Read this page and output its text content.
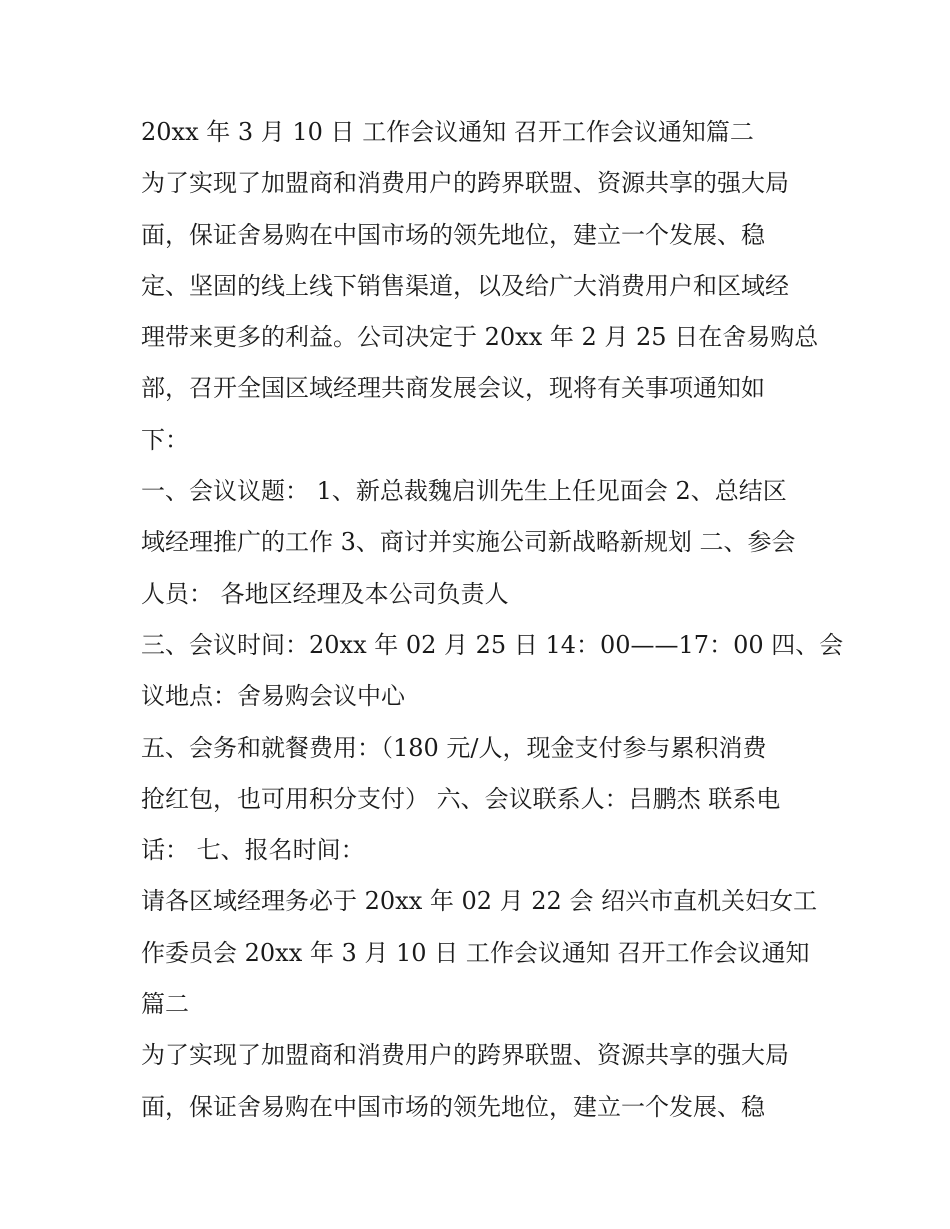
20xx 年 3 月 10 日 工作会议通知 召开工作会议通知篇二
为了实现了加盟商和消费用户的跨界联盟、资源共享的强大局
面，保证舍易购在中国市场的领先地位，建立一个发展、稳
定、坚固的线上线下销售渠道，以及给广大消费用户和区域经
理带来更多的利益。公司决定于 20xx 年 2 月 25 日在舍易购总
部，召开全国区域经理共商发展会议，现将有关事项通知如
下：
一、会议议题： 1、新总裁魏启训先生上任见面会 2、总结区
域经理推广的工作 3、商讨并实施公司新战略新规划 二、参会
人员： 各地区经理及本公司负责人
三、会议时间：20xx 年 02 月 25 日 14：00——17：00 四、会
议地点：舍易购会议中心
五、会务和就餐费用：（180 元/人，现金支付参与累积消费
抢红包，也可用积分支付） 六、会议联系人：吕鹏杰 联系电
话： 七、报名时间：
请各区域经理务必于 20xx 年 02 月 22 会 绍兴市直机关妇女工
作委员会 20xx 年 3 月 10 日 工作会议通知 召开工作会议通知
篇二
为了实现了加盟商和消费用户的跨界联盟、资源共享的强大局
面，保证舍易购在中国市场的领先地位，建立一个发展、稳
